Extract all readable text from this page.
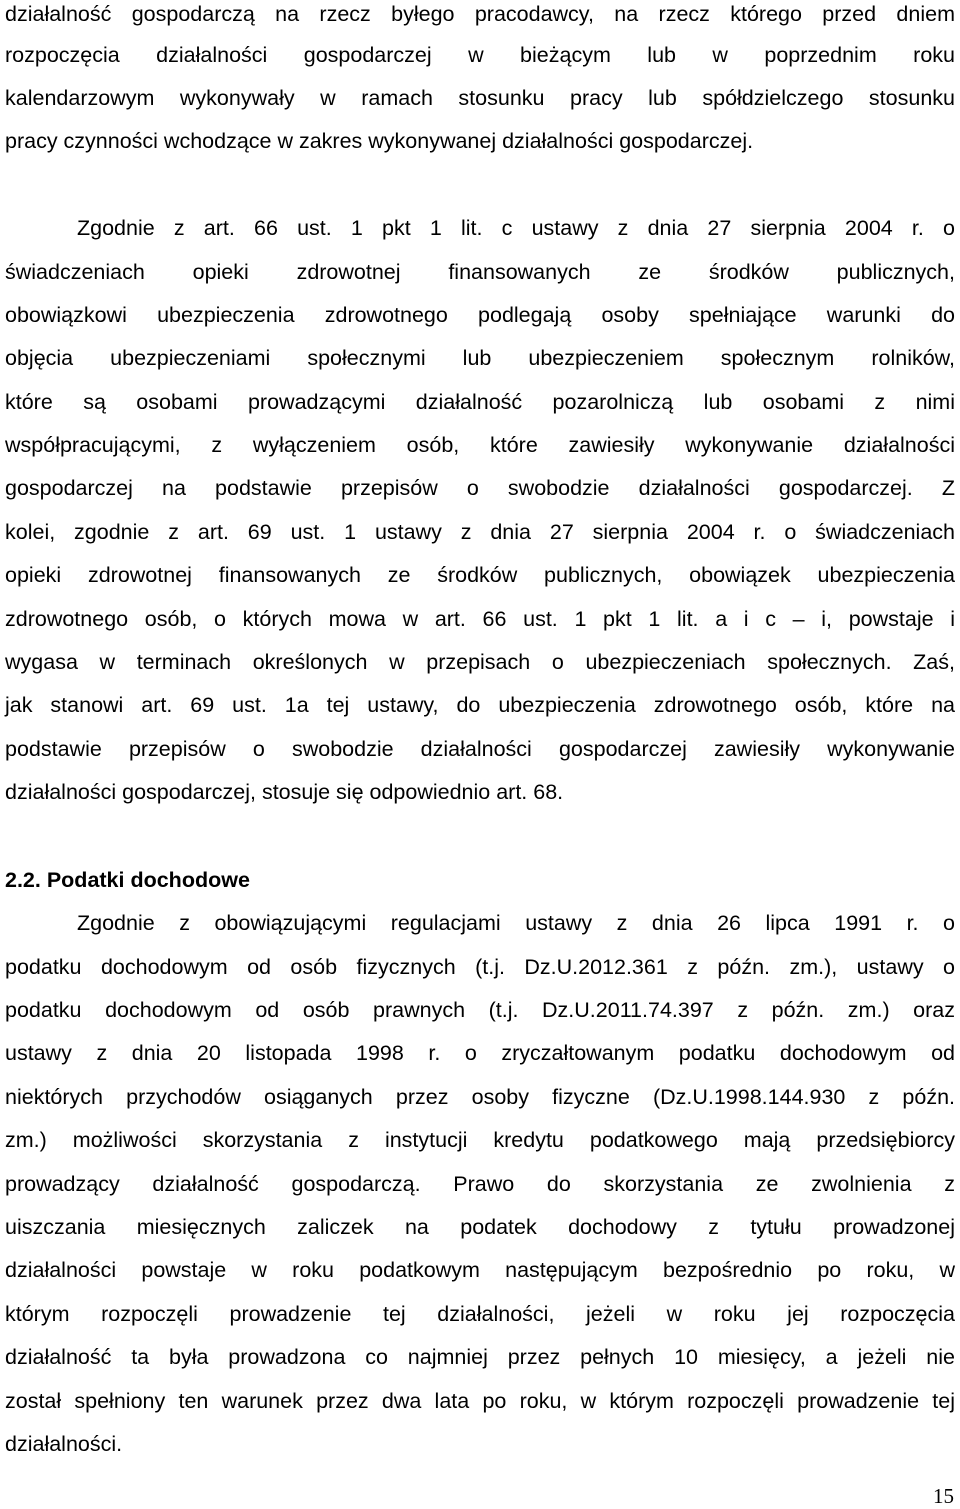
działalność gospodarczą na rzecz byłego pracodawcy, na rzecz którego przed dniem
rozpoczęcia działalności gospodarczej w bieżącym lub w poprzednim roku
kalendarzowym wykonywały w ramach stosunku pracy lub spółdzielczego stosunku
pracy czynności wchodzące w zakres wykonywanej działalności gospodarczej.
Zgodnie z art. 66 ust. 1 pkt 1 lit. c ustawy z dnia 27 sierpnia 2004 r. o
świadczeniach opieki zdrowotnej finansowanych ze środków publicznych,
obowiązkowi ubezpieczenia zdrowotnego podlegają osoby spełniające warunki do
objęcia ubezpieczeniami społecznymi lub ubezpieczeniem społecznym rolników,
które są osobami prowadzącymi działalność pozarolniczą lub osobami z nimi
współpracującymi, z wyłączeniem osób, które zawiesiły wykonywanie działalności
gospodarczej na podstawie przepisów o swobodzie działalności gospodarczej. Z
kolei, zgodnie z art. 69 ust. 1 ustawy z dnia 27 sierpnia 2004 r. o świadczeniach
opieki zdrowotnej finansowanych ze środków publicznych, obowiązek ubezpieczenia
zdrowotnego osób, o których mowa w art. 66 ust. 1 pkt 1 lit. a i c – i, powstaje i
wygasa w terminach określonych w przepisach o ubezpieczeniach społecznych. Zaś,
jak stanowi art. 69 ust. 1a tej ustawy, do ubezpieczenia zdrowotnego osób, które na
podstawie przepisów o swobodzie działalności gospodarczej zawiesiły wykonywanie
działalności gospodarczej, stosuje się odpowiednio art. 68.
2.2. Podatki dochodowe
Zgodnie z obowiązującymi regulacjami ustawy z dnia 26 lipca 1991 r. o
podatku dochodowym od osób fizycznych (t.j. Dz.U.2012.361 z późn. zm.), ustawy o
podatku dochodowym od osób prawnych (t.j. Dz.U.2011.74.397 z późn. zm.) oraz
ustawy z dnia 20 listopada 1998 r. o zryczałtowanym podatku dochodowym od
niektórych przychodów osiąganych przez osoby fizyczne (Dz.U.1998.144.930 z późn.
zm.) możliwości skorzystania z instytucji kredytu podatkowego mają przedsiębiorcy
prowadzący działalność gospodarczą. Prawo do skorzystania ze zwolnienia z
uiszczania miesięcznych zaliczek na podatek dochodowy z tytułu prowadzonej
działalności powstaje w roku podatkowym następującym bezpośrednio po roku, w
którym rozpoczęli prowadzenie tej działalności, jeżeli w roku jej rozpoczęcia
działalność ta była prowadzona co najmniej przez pełnych 10 miesięcy, a jeżeli nie
został spełniony ten warunek przez dwa lata po roku, w którym rozpoczęli prowadzenie tej
działalności.
15
